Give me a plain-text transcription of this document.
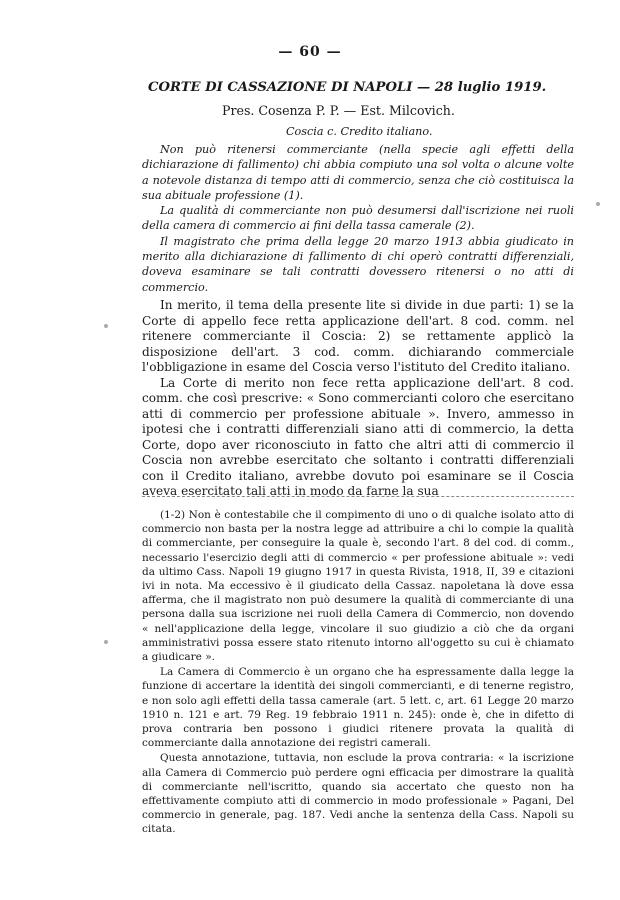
— 60 —
CORTE DI CASSAZIONE DI NAPOLI — 28 luglio 1919.
Pres. Cosenza P. P. — Est. Milcovich.
Coscia c. Credito italiano.

Non può ritenersi commerciante (nella specie agli effetti della dichiarazione di fallimento) chi abbia compiuto una sol volta o alcune volte a notevole distanza di tempo atti di commercio, senza che ciò costituisca la sua abituale professione (1).

La qualità di commerciante non può desumersi dall'iscrizione nei ruoli della camera di commercio ai fini della tassa camerale (2).

Il magistrato che prima della legge 20 marzo 1913 abbia giudicato in merito alla dichiarazione di fallimento di chi operò contratti differenziali, doveva esaminare se tali contratti dovessero ritenersi o no atti di commercio.

In merito, il tema della presente lite si divide in due parti: 1) se la Corte di appello fece retta applicazione dell'art. 8 cod. comm. nel ritenere commerciante il Coscia: 2) se rettamente applicò la disposizione dell'art. 3 cod. comm. dichiarando commerciale l'obbligazione in esame del Coscia verso l'istituto del Credito italiano.

La Corte di merito non fece retta applicazione dell'art. 8 cod. comm. che così prescrive: « Sono commercianti coloro che esercitano atti di commercio per professione abituale ». Invero, ammesso in ipotesi che i contratti differenziali siano atti di commercio, la detta Corte, dopo aver riconosciuto in fatto che altri atti di commercio il Coscia non avrebbe esercitato che soltanto i contratti differenziali con il Credito italiano, avrebbe dovuto poi esaminare se il Coscia aveva esercitato tali atti in modo da farne la sua

(1-2) Non è contestabile che il compimento di uno o di qualche isolato atto di commercio non basta per la nostra legge ad attribuire a chi lo compie la qualità di commerciante, per conseguire la quale è, secondo l'art. 8 del cod. di comm., necessario l'esercizio degli atti di commercio « per professione abituale »: vedi da ultimo Cass. Napoli 19 giugno 1917 in questa Rivista, 1918, II, 39 e citazioni ivi in nota. Ma eccessivo è il giudicato della Cassaz. napoletana là dove essa afferma, che il magistrato non può desumere la qualità di commerciante di una persona dalla sua iscrizione nei ruoli della Camera di Commercio, non dovendo « nell'applicazione della legge, vincolare il suo giudizio a ciò che da organi amministrativi possa essere stato ritenuto intorno all'oggetto su cui è chiamato a giudicare ».

La Camera di Commercio è un organo che ha espressamente dalla legge la funzione di accertare la identità dei singoli commercianti, e di tenerne registro, e non solo agli effetti della tassa camerale (art. 5 lett. c, art. 61 Legge 20 marzo 1910 n. 121 e art. 79 Reg. 19 febbraio 1911 n. 245): onde è, che in difetto di prova contraria ben possono i giudici ritenere provata la qualità di commerciante dalla annotazione dei registri camerali.

Questa annotazione, tuttavia, non esclude la prova contraria: « la iscrizione alla Camera di Commercio può perdere ogni efficacia per dimostrare la qualità di commerciante nell'iscritto, quando sia accertato che questo non ha effettivamente compiuto atti di commercio in modo professionale » Pagani, Del commercio in generale, pag. 187. Vedi anche la sentenza della Cass. Napoli su citata.
